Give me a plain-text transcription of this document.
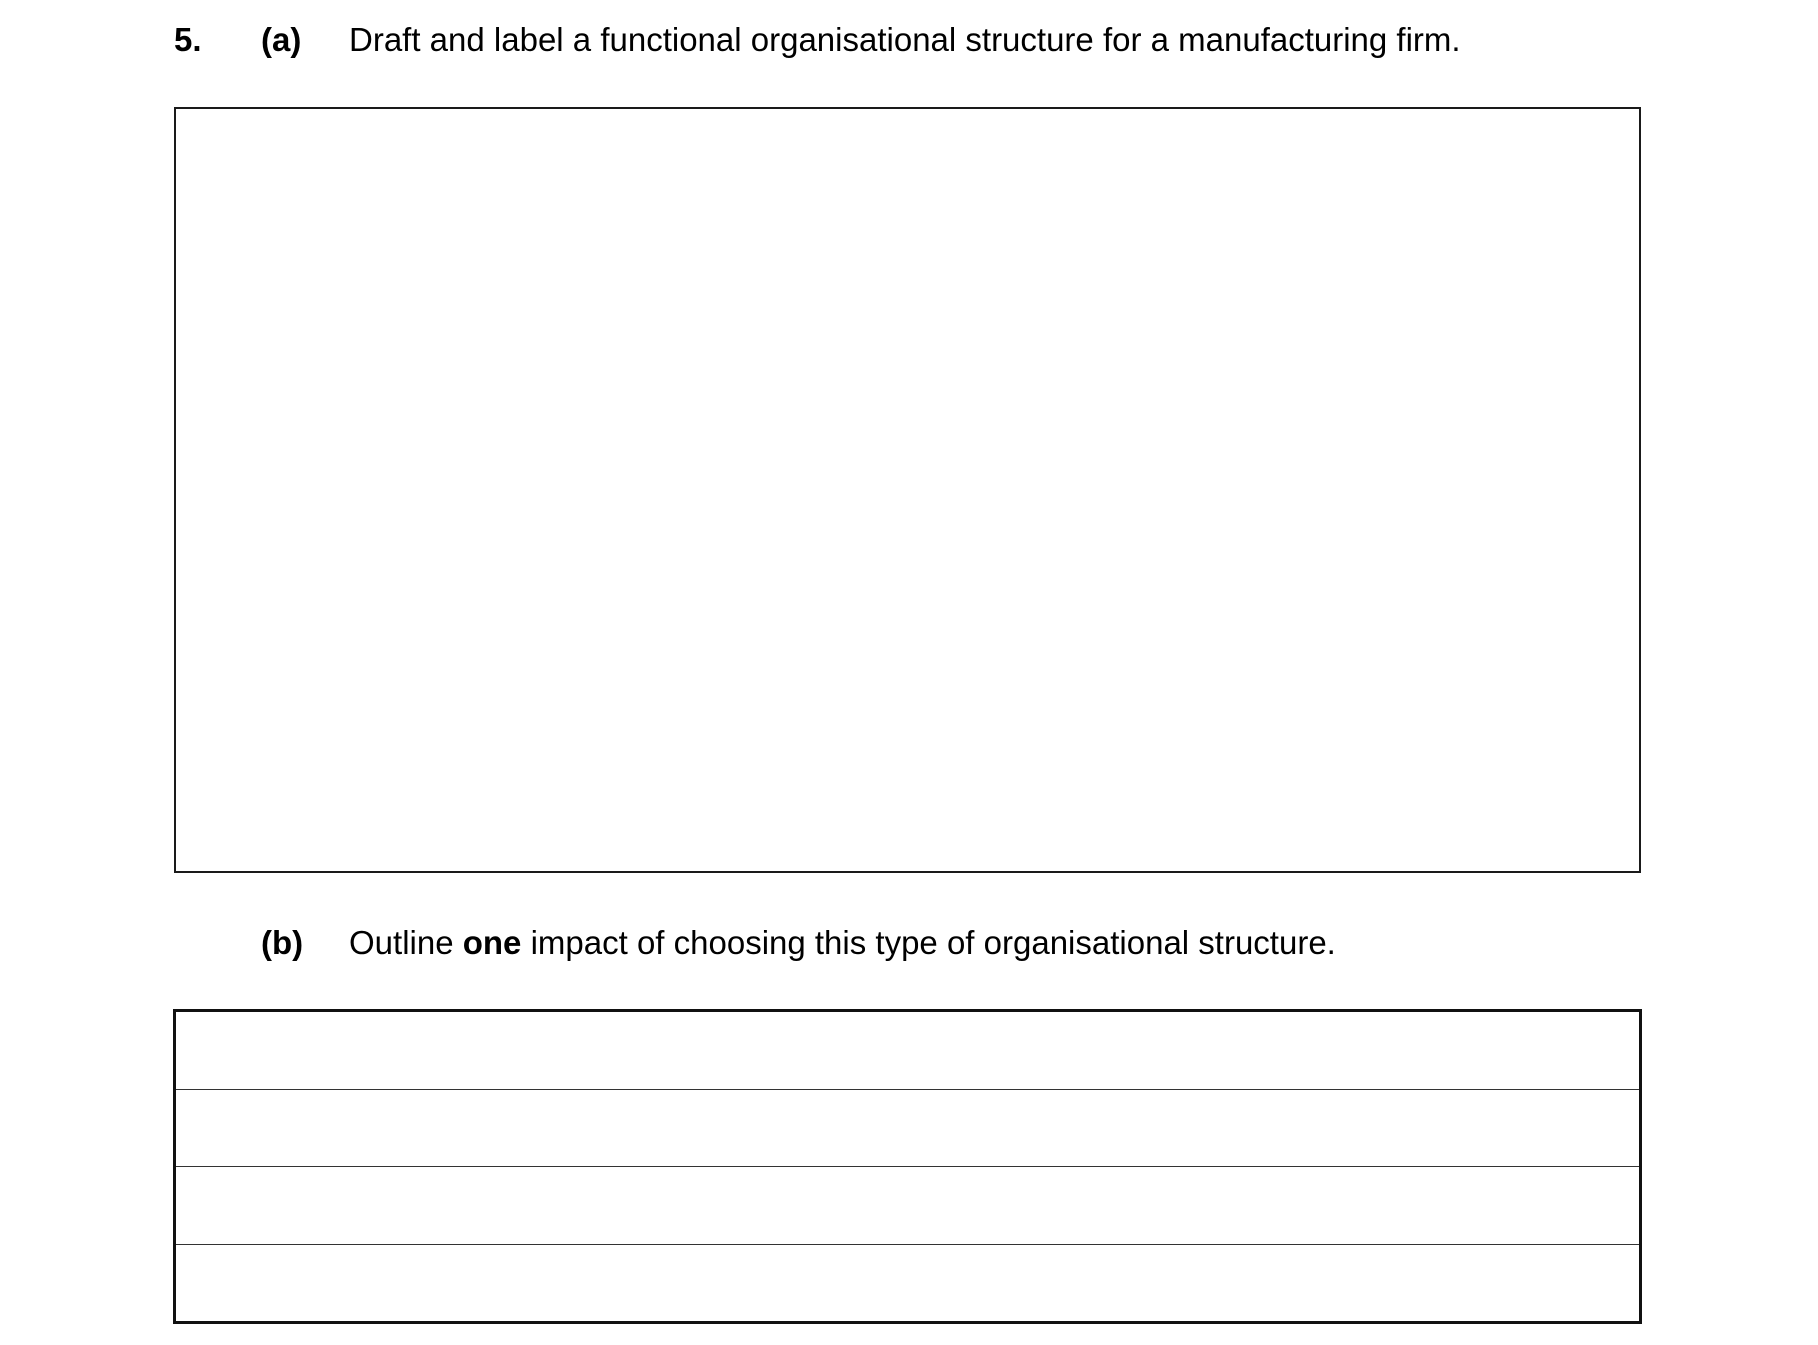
5. (a) Draft and label a functional organisational structure for a manufacturing firm.
(b) Outline one impact of choosing this type of organisational structure.
